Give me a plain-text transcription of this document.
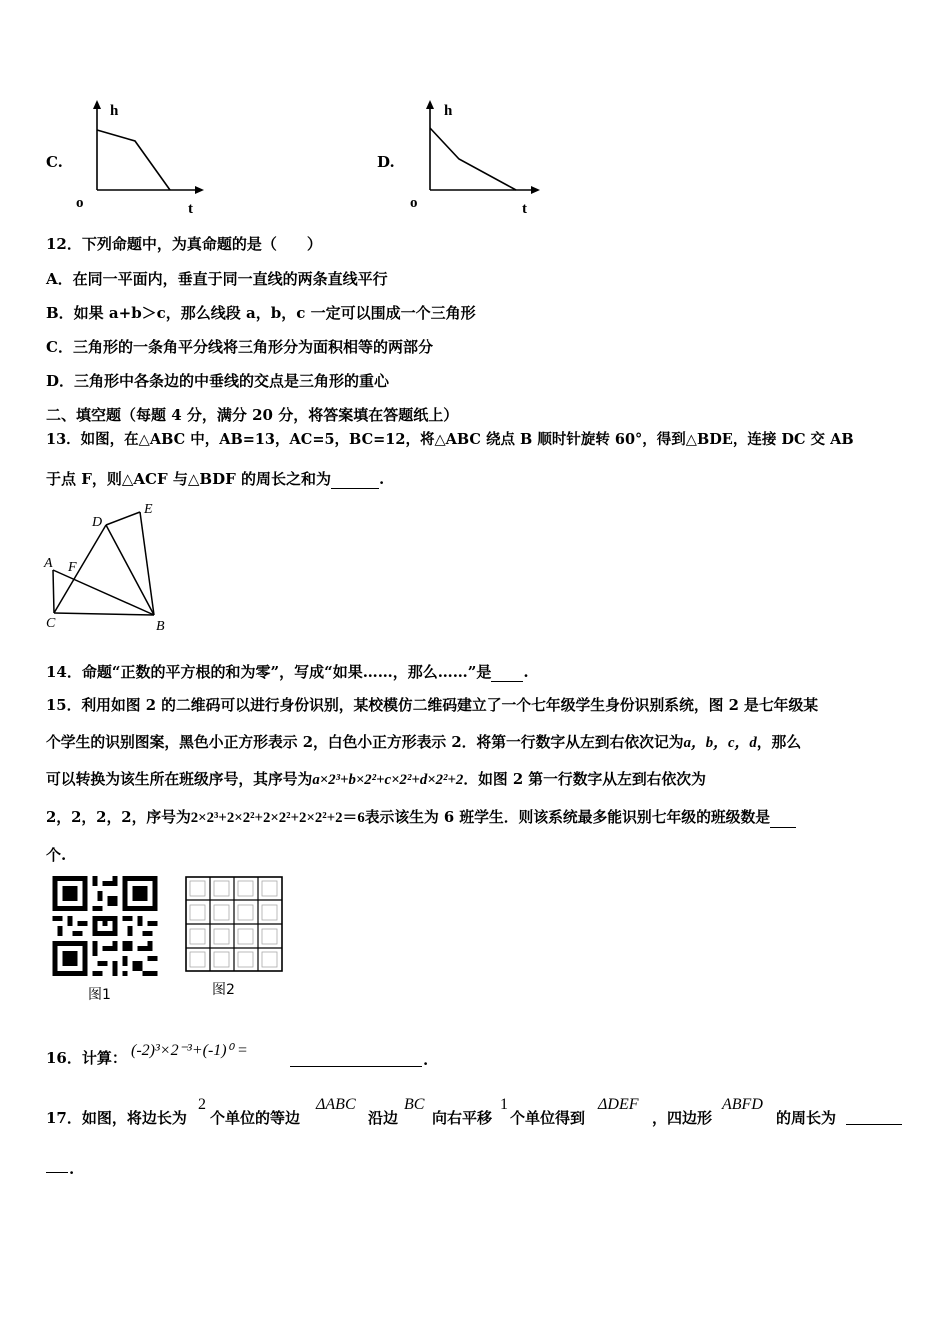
C.
h
o	t
D.
h
o	t
12．下列命题中，为真命题的是（　　）
A．在同一平面内，垂直于同一直线的两条直线平行
B．如果 a+b＞c，那么线段 a，b，c 一定可以围成一个三角形
C．三角形的一条角平分线将三角形分为面积相等的两部分
D．三角形中各条边的中垂线的交点是三角形的重心
二、填空题（每题 4 分，满分 20 分，将答案填在答题纸上）
13．如图，在△ABC 中，AB=13，AC=5，BC=12，将△ABC 绕点 B 顺时针旋转 60°，得到△BDE，连接 DC 交 AB
于点 F，则△ACF 与△BDF 的周长之和为	.
A
B
C
D
E
F
14．命题“正数的平方根的和为零”，写成“如果……，那么……”是 .
15．利用如图 2 的二维码可以进行身份识别，某校模仿二维码建立了一个七年级学生身份识别系统，图 2 是七年级某
个学生的识别图案，黑色小正方形表示 2，白色小正方形表示 2．将第一行数字从左到右依次记为a，b，c，d，那么
可以转换为该生所在班级序号，其序号为a×2³+b×2²+c×2²+d×2²+2．如图 2 第一行数字从左到右依次为
2，2，2，2，序号为2×2³+2×2²+2×2²+2×2²+2＝6表示该生为 6 班学生．则该系统最多能识别七年级的班级数是
个.
图1	图2
16．计算： (-2)³×2⁻³+(-1)⁰ =
.
17．如图，将边长为
2
个单位的等边
ΔABC
沿边
BC
向右平移
1
个单位得到
ΔDEF
，四边形
ABFD
的周长为
.
